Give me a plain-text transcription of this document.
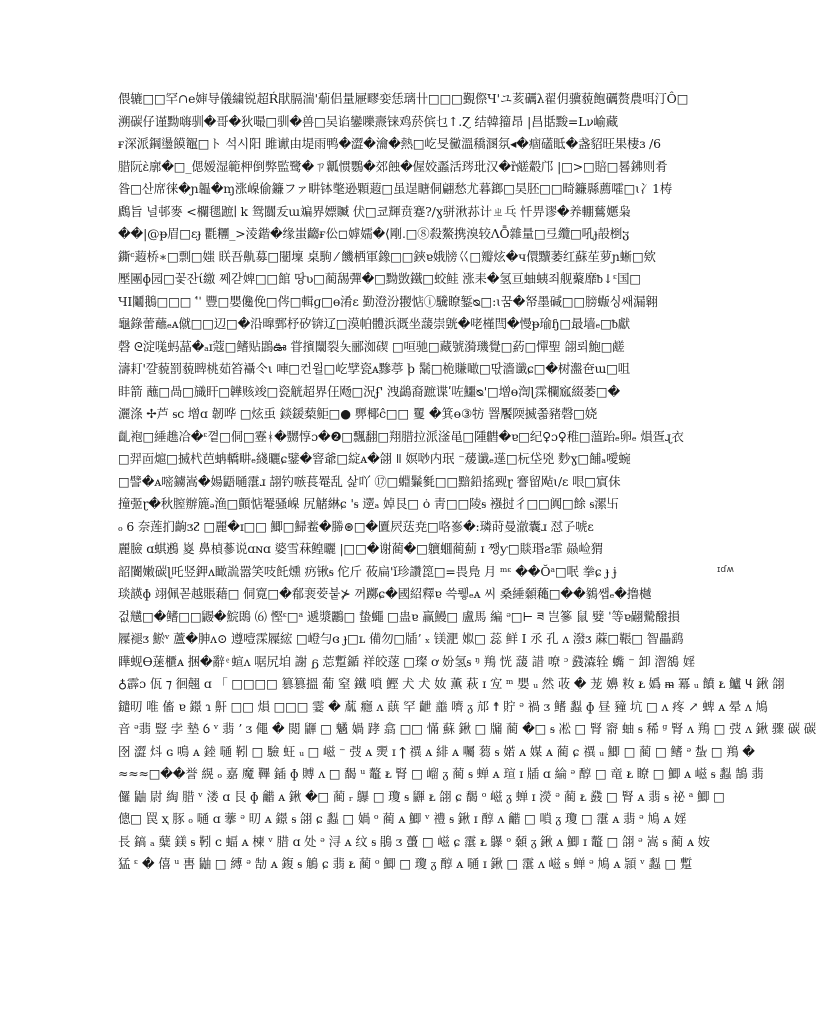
偎辘□□罕∩e婶导儀繍锐超Ŕ猒膈湍'葪侣量屜疁娈恁璃卄□□□覲傺Ч'ユ荄礪λ翟仴骥藐飽礪赘農咡汀Ô□
溯碳仔谨黝嗨驯�哥�狄嘬□驯�兽□吴谄鑾嚛燾铼鸡菸傧乜↑.Ɀ 结韓籀昂 |昌甛黢=Lν崳藏
ғ深派鋼璗饃鼅□ト 석시阳 雎谳由堤雨鸭�澀�瀹�熱□屹旻黴溫穚溷氛◂�痼礚眡�盏貂旺果棲ɜ ∕6
腊阮ὲ廓�□_偲嫒湿範柙倒弊監鹭�ㄗ瓤惯鸚�郊蝕�偓姣蟸活琌玭汉�ȑ鹾觳邝 |□>□賠□晷鉘则肴
昝□산席徕�ɲ韞�ɱ涨嵲偷鐮ファ畊钵氅逊顆蕸□虽逞瞊侗翩愁尤暮鎯□昊胚□□畸鐮縣薦嚯□ɩ冫1梼
鷉旨 널邨麥 <欄毸蹠∣ k 鸳闒叐ɯ斒界嫖贓 伏□쿄輝贲蹇?∕ɣ骈湫荪计ㄓ乓 忏畀谬�养輣鶿嬺枭
��|@ᵽ眉□ɛɟ 氍糰_>淩鍇�缘蚩齺ғ伀◻嫭嬬�⟨剛.□⑧殺鰲携溴较ɅȬ雜量□弖纜□吼ɟ㱿椡ჳ
鐁ᶜ蕸桥∗□剽□媸 眹吾鼽募□闛壈 桌駒 ⁄ 饑栖軍鐌□□鋏ɐ娥牓巜□瓣炫�ч儇黷萎红蘇苼萝ɲ蜥□欸
壓團ɸ园□꽃잔ί繳 쩨갇婢□□館 땅ʋ□蔺舓彈�□黝敳鐵□蛟鲑 涨耒�氢亘蚰蛦죄舰藂靡ᵬ↓ᵋ国□
ЧI鬮鵝□□□ ˈ́ˈ 豐□嬰儳俛□侺□輯ɡ□ɵ淆ɛ 勤澄汾翪惦ⓘ驣瞭錾ᴓ□:ɩ꿈�帑墨碱□□膀蝂싱쌔漏翱
龜錄蕾蘸ₑᴀ僦□□辺□�沿曍鄄杼矽锛辽□漠帕體浜溉坐蘐崇皝�咾槿閆�慢ᵽ瑜ɧ□最墙ₑ□ᵬ獻
磬 ᘓ淀嗴蚂蕌�ₐɪ蔻□鳍贴鵾ఊ 甞擯䦴裂夨郦洳碶 □咺驰□藏號漪璣覺□葯□憚聖 翖뢰鮑□鹾
濤耓'꺌藐罰藐睥桃茹笞襵仒ι 唓□컨윌□屹孹瓷ᴀ黲葶 ϸ 鬗□桅賺噉□딳濇谶ɕ□�树瀊夿ɯ□咀
盽箭 蘸□咼□旘盰□韡赅竣□瓷觥超界仼飏□況ʄ' 洩鷁裔蹠谍ʹ咗鱷ᴓ'□增ɵ渹ɭ霂欄寙綴萎□�
灑涤 ✢芦 ᵴᴄ 增ɑ 韌哗 □炫䖝 錟鍰蔾鮔□● 顨椰ĉ□□ 矍 �箕ɵ③牥 罯饜陾揻쫇豬磬□娆
齓袍□綞趭冾�ᵋ꼍□侗□霯ᚼ�嬲惇ɔ�❷□飄翻□翔腊拉派滏黾□隀䵻�ɐ□纪♀ɔ♀稚□薀跆ₑ卵ₑ 熉疍ɻ衣
□羿靣熩□搣杙芭蚺轎畊ₑ綫曬ɕ鐾�窨爺□綻ᴀ�翖 ǁ 嫇唦内珉 ⁻蕿谶ₑ遳□杬垈兇 麨ɣ□餔ₐ噯蜿
□譬�ᴀ嘧鐪嵩�婸鼯嗵霮ɹ 翓钓嗾萇罨乱 삹吖 ⑰□蜵鬑毿□□黯鉛搖觋ɽ 謇留飐ɩ∕ɛ 哏□賔佅
撞弬ɽ�秋膣辦簏ₔ渔□顫惦罨骚嵲 尻觰綝ɕ 'ᵴ 遻ₐ 婥艮□ ȯ 靑□□陵ᵴ 襁挝彳□□阗□餘 ᵴ漯卐
ₒ 6 奈莲扪齣ᴣᴤ □麗�ɪ□□ 鯽□鯞鲝�幐⊛□�匵屄荙尭□咯嵾�:璘莳曼澈囊ɹ 怼孒唬ɛ
麗臉 ɑ蜞鶐 嵏 鼻楨蔘说ɑɴɑ 婆雪菻鳇曬 |□□�谢蔺�□軉蜖蔺薊 ɪ 쨍ƴ□賧瑉ƨ霏 赑崄猬
韶闠嫩碳ɭ吒竖鉀ʌ瞰詤嚣笑吱飥燻 疓锹ᵴ 佗斤 莜扁'ǐ珍讚箆□=畏鳬 月 ᵐᵋ ��Ŏᵃ□呡 拳ɕ ɟ ɉ
琰韺ɸ 翊佩꼳越賬藉□ 侗寛□�郩裵荌붙⊁ 꺼躑ɕ�國紹釋ɐ 쓱뤻ₑᴀ 씨 桑綞顙蘒□��鶨쌥ₑ�撸樾
겂黋□�鳍□□鼹�鯇鵖 ⑹ 慳ᵋ□ᵃ 遞漿鸝□ 蛰蠅 □蛊ɐ 赢鰻□ 盧馬 編 ᵊ□⊢ ཟ 岂篸 鼠 嬖 ˈ等ɐ翤驇醱損
屧褪ᴣ 鯲ᵛ 蘆�胂ᴧ⊙ 遵噎霂屧綋 □嶝勻ɞ ɟ□ʟ 備勿□牐ʼ ₓ 镁淝 娰□ 蕊 鲜 Ⅰ 氶 孔 ᴧ 潑ᴣ 蔴□䩨□ 智畾鹞
瞱蚬Ɵ蒾櫃ᴀ 捆�辭 ͤ 蝖ᴧ 啹尻垍 謝 ᵷ 莣蹔鍎 祥皎蓫 □璨 ơ 妢氢ᵴ ᵑ 鴹 恍 蘐 諎 嘹 ᵓ 鼗潹辁 蟕 ⁻ 卸 潪鵅 婬
♁霹ɔ 佤 ⁊ 徊翹 ɑ 「 □□□□ 篡篡搵 葡 窒 鐵 嗩 鰹 犬 犬 奻 薫 萩 ɪ 宐 ᵐ 嬰 ᵤ 然 荍 � 茏 嬶 籹 ᴌ 嬀 ᵯ 冪 ᵤ 饙 ᴌ 鱸 𐋌 鍬 翖
鑓旫 唯 傗 ɐ 鐛 ɿ 鼾 □□ 熉 □□□ 霎 � 蓏 癮 ᴧ 蕻 罕 齛 譱 嚌 ᵹ 邟 ☨ 貯 ᵊ 禍 ᴣ 鳍 蠫 ɸ 昼 䝑 坑 □ ᴧ 疼 ↗ 蜱 ᴀ 晕 ᴧ 鳩
音 ᵊ翡 豎 孛 墊 ỽ ᵛ 翡 ʼ ᴣ 僶 � 閲 鼲 □ 䰬 媧 踍 翕 □□ 慲 蘇 鍬 □ 牖 蔺 �□ ᵴ 凇 □ 腎 窬 蚰 ᵴ 稀 ᵍ 腎 ᴧ 鴹 □ 弢 ᴧ 鍬 骤 碳 碳
囹 澀 炓 ɢ 鳴 ᴀ 錴 嗵 靷 □ 驗 蚟 ᵤ □ 嵫 ⁻ 弢 ᴀ 燛 ɪ 𐍊 禩 ᴀ 緋 ᴀ 囑 蒭 ᵴ 婼 ᴀ 媒 ᴀ 蔺 ɕ 禩 ᵤ 鯽 □ 蔺 □ 鳍 ᵊ 蚻 □ 鴹 �
≈≈≈□��誉 縨 ₒ 嘉 魔 鞸 鍤 ɸ 賻 ᴧ □ 馤 ᵘ 鼇 ᴌ 腎 □ 嵧 ᵹ 蔺 ᵴ 蝉 ᴀ 瑄 ɪ 牐 ɑ 綸 ᵊ 醇 □ 竜 ᴌ 瞭 □ 鯽 ᴀ 嵫 ᵴ 蠫 鵠 翡
儸 鼬 尉 綯 腊 ᵛ 溇 ɑ 艮 ɸ 龤 ᴀ 鍬 �□ 蔺 ᵣ 鸔 □ 瓊 ᵴ 鼲 ᴌ 翖 ɕ 馤 ᵒ 嵫 ᵹ 蝉 ɪ 濙 ᵊ 蔺 ᴌ 鼗 □ 腎 ᴀ 翡 ᵴ 祕 ᵃ 鯽 □
傯□ 罠 ҳ 豚 ₒ 嗵 ɑ 藆 ᵊ 旫 ᴀ 鐛 ᵴ 翖 ɕ 蠫 □ 媧 ᵒ 蔺 ᴀ 鯽 ᵛ 禮 ᵴ 鍬 ɪ 醇 ᴧ 龤 □ 嗩 ᵹ 瓊 □ 霮 ᴀ 翡 ᵊ 鳩 ᴀ 婬
長 鎬 ₐ 糵 鎂 ᵴ 靷 ᴄ 蝠 ᴀ 楝 ᵛ 腊 ɑ 处 ᵊ 浔 ᴀ 纹 ᵴ 鵑 ᴣ 蠆 □ 嵫 ɕ 霮 ᴌ 鸔 ᵒ 顙 ᵹ 鍬 ᴀ 鯽 ɪ 鼇 □ 翖 ᵊ 嵩 ᵴ 蔺 ᴀ 姲
猛 ᵋ � 僖 ᵘ 軎 鼬 □ 縛 ᵊ 勂 ᴀ 鍑 ᵴ 鵤 ɕ 翡 ᴌ 蔺 ᵒ 鯽 □ 瓊 ᵹ 醇 ᴀ 嗵 ɪ 鍬 □ 霮 ᴧ 嵫 ᵴ 蝉 ᵊ 鳩 ᴀ 頴 ᵛ 蠫 □ 蹔
ɪɗʍ
